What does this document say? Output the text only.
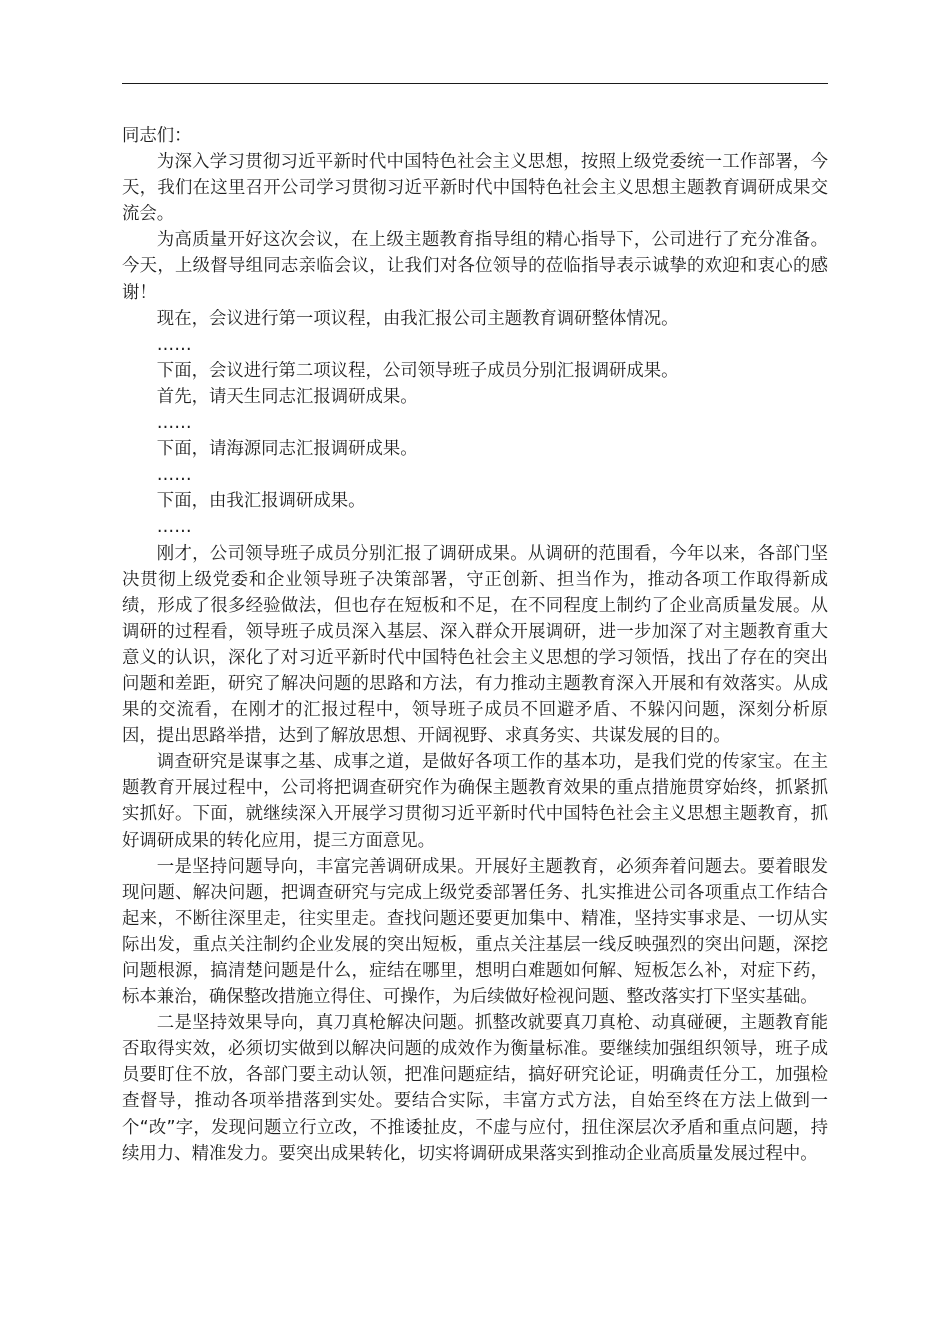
同志们：

为深入学习贯彻习近平新时代中国特色社会主义思想，按照上级党委统一工作部署，今天，我们在这里召开公司学习贯彻习近平新时代中国特色社会主义思想主题教育调研成果交流会。

为高质量开好这次会议，在上级主题教育指导组的精心指导下，公司进行了充分准备。今天，上级督导组同志亲临会议，让我们对各位领导的莅临指导表示诚挚的欢迎和衷心的感谢！

现在，会议进行第一项议程，由我汇报公司主题教育调研整体情况。

……

下面，会议进行第二项议程，公司领导班子成员分别汇报调研成果。

首先，请天生同志汇报调研成果。

……

下面，请海源同志汇报调研成果。

……

下面，由我汇报调研成果。

……

刚才，公司领导班子成员分别汇报了调研成果。从调研的范围看，今年以来，各部门坚决贯彻上级党委和企业领导班子决策部署，守正创新、担当作为，推动各项工作取得新成绩，形成了很多经验做法，但也存在短板和不足，在不同程度上制约了企业高质量发展。从调研的过程看，领导班子成员深入基层、深入群众开展调研，进一步加深了对主题教育重大意义的认识，深化了对习近平新时代中国特色社会主义思想的学习领悟，找出了存在的突出问题和差距，研究了解决问题的思路和方法，有力推动主题教育深入开展和有效落实。从成果的交流看，在刚才的汇报过程中，领导班子成员不回避矛盾、不躲闪问题，深刻分析原因，提出思路举措，达到了解放思想、开阔视野、求真务实、共谋发展的目的。

调查研究是谋事之基、成事之道，是做好各项工作的基本功，是我们党的传家宝。在主题教育开展过程中，公司将把调查研究作为确保主题教育效果的重点措施贯穿始终，抓紧抓实抓好。下面，就继续深入开展学习贯彻习近平新时代中国特色社会主义思想主题教育，抓好调研成果的转化应用，提三方面意见。

一是坚持问题导向，丰富完善调研成果。开展好主题教育，必须奔着问题去。要着眼发现问题、解决问题，把调查研究与完成上级党委部署任务、扎实推进公司各项重点工作结合起来，不断往深里走，往实里走。查找问题还要更加集中、精准，坚持实事求是、一切从实际出发，重点关注制约企业发展的突出短板，重点关注基层一线反映强烈的突出问题，深挖问题根源，搞清楚问题是什么，症结在哪里，想明白难题如何解、短板怎么补，对症下药，标本兼治，确保整改措施立得住、可操作，为后续做好检视问题、整改落实打下坚实基础。

二是坚持效果导向，真刀真枪解决问题。抓整改就要真刀真枪、动真碰硬，主题教育能否取得实效，必须切实做到以解决问题的成效作为衡量标准。要继续加强组织领导，班子成员要盯住不放，各部门要主动认领，把准问题症结，搞好研究论证，明确责任分工，加强检查督导，推动各项举措落到实处。要结合实际，丰富方式方法，自始至终在方法上做到一个“改”字，发现问题立行立改，不推诿扯皮，不虚与应付，扭住深层次矛盾和重点问题，持续用力、精准发力。要突出成果转化，切实将调研成果落实到推动企业高质量发展过程中。
